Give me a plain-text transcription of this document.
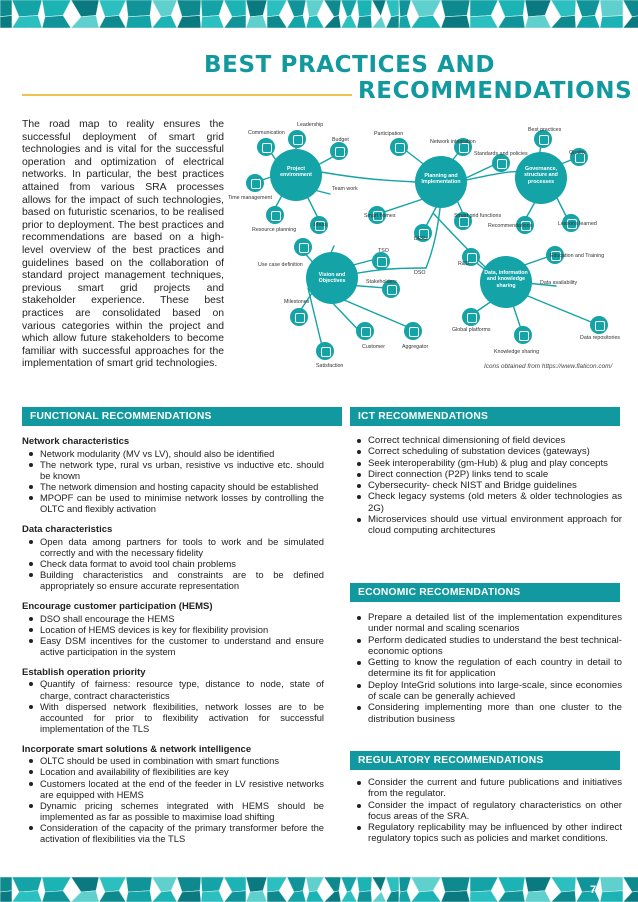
BEST PRACTICES AND
RECOMMENDATIONS

The road map to reality ensures the successful deployment of smart grid technologies and is vital for the successful operation and optimization of electrical networks. In particular, the best practices attained from various SRA processes allows for the impact of such technologies, based on futuristic scenarios, to be realised prior to deployment. The best practices and recommendations are based on a high-level overview of the best practices and guidelines based on the collaboration of standard project management techniques, previous smart grid projects and stakeholder experience. These best practices are consolidated based on various categories within the project and which allow future stakeholders to become familiar with successful approaches for the implementation of smart grid technologies.

Project environment	Planning and Implementation
Governance, structure and processes
Vision and Objectives
Data, information and knowledge sharing
Leadership
Communication
Budget
Participation
Network integration
Best practices
Standards and policies	Quality
Time management
Team work
Smart homes	Smart grid functions
Recommendations	Lessons learned
Resource planning
Ideas
DERs
TSO
Use case definition	R&D
Education and Training
DSO
Stakeholders	Data availability
Milestones
Global platforms
Data repositories
Customer	Aggregator
Knowledge sharing
Satisfaction	Icons obtained from https://www.flaticon.com/
FUNCTIONAL RECOMMENDATIONS	ICT RECOMMENDATIONS
ECONOMIC RECOMENDATIONS
REGULATORY RECOMMENDATIONS
Network characteristics
Network modularity (MV vs LV), should also be identified
The network type, rural vs urban, resistive vs inductive etc. should be known
The network dimension and hosting capacity should be established
MPOPF can be used to minimise network losses by controlling the OLTC and flexibly activation
Data characteristics
Open data among partners for tools to work and be simulated correctly and with the necessary fidelity
Check data format to avoid tool chain problems
Building characteristics and constraints are to be defined appropriately so ensure accurate representation
Encourage customer participation (HEMS)
DSO shall encourage the HEMS
Location of HEMS devices is key for flexibility provision
Easy DSM incentives for the customer to understand and ensure active participation in the system
Establish operation priority
Quantify of fairness: resource type, distance to node, state of charge, contract characteristics
With dispersed network flexibilities, network losses are to be accounted for prior to flexibility activation for successful implementation of the TLS
Incorporate smart solutions & network intelligence
OLTC should be used in combination with smart functions
Location and availability of flexibilities are key
Customers located at the end of the feeder in LV resistive networks are equipped with HEMS
Dynamic pricing schemes integrated with HEMS should be implemented as far as possible to maximise load shifting
Consideration of the capacity of the primary transformer before the activation of flexibilities via the TLS
Correct technical dimensioning of field devices
Correct scheduling of substation devices (gateways)
Seek interoperability (gm-Hub) & plug and play concepts
Direct connection (P2P) links tend to scale
Cybersecurity- check NIST and Bridge guidelines
Check legacy systems (old meters & older technologies as 2G)
Microservices should use virtual environment approach for cloud computing architectures
Prepare a detailed list of the implementation expenditures under normal and scaling scenarios
Perform dedicated studies to understand the best technical-economic options
Getting to know the regulation of each country in detail to determine its fit for application
Deploy InteGrid solutions into large-scale, since economies of scale can be generally achieved
Considering implementing more than one cluster to the distribution business
Consider the current and future publications and initiatives from the regulator.
Consider the impact of regulatory characteristics on other focus areas of the SRA.
Regulatory replicability may be influenced by other indirect regulatory topics such as policies and market conditions.
7
